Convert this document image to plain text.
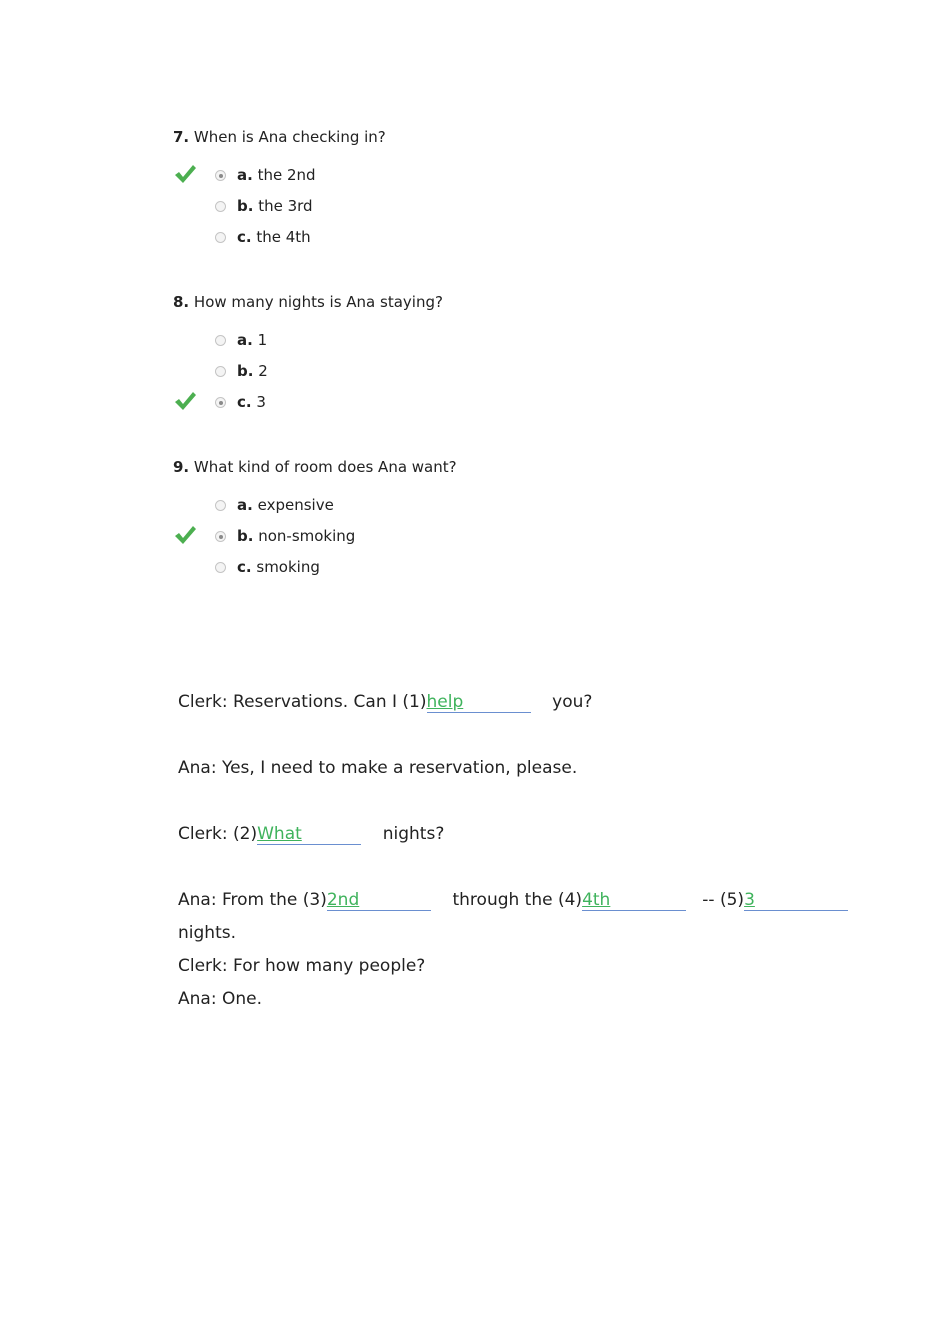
7. When is Ana checking in?

a. the 2nd
b. the 3rd
c. the 4th

8. How many nights is Ana staying?

a. 1
b. 2
c. 3

9. What kind of room does Ana want?

a. expensive
b. non-smoking
c. smoking
Clerk: Reservations. Can I (1)help	you?
Ana: Yes, I need to make a reservation, please.
Clerk: (2)What	nights?
Ana: From the (3)2nd	through the (4)4th	-- (5)3
nights.
Clerk: For how many people?
Ana: One.
